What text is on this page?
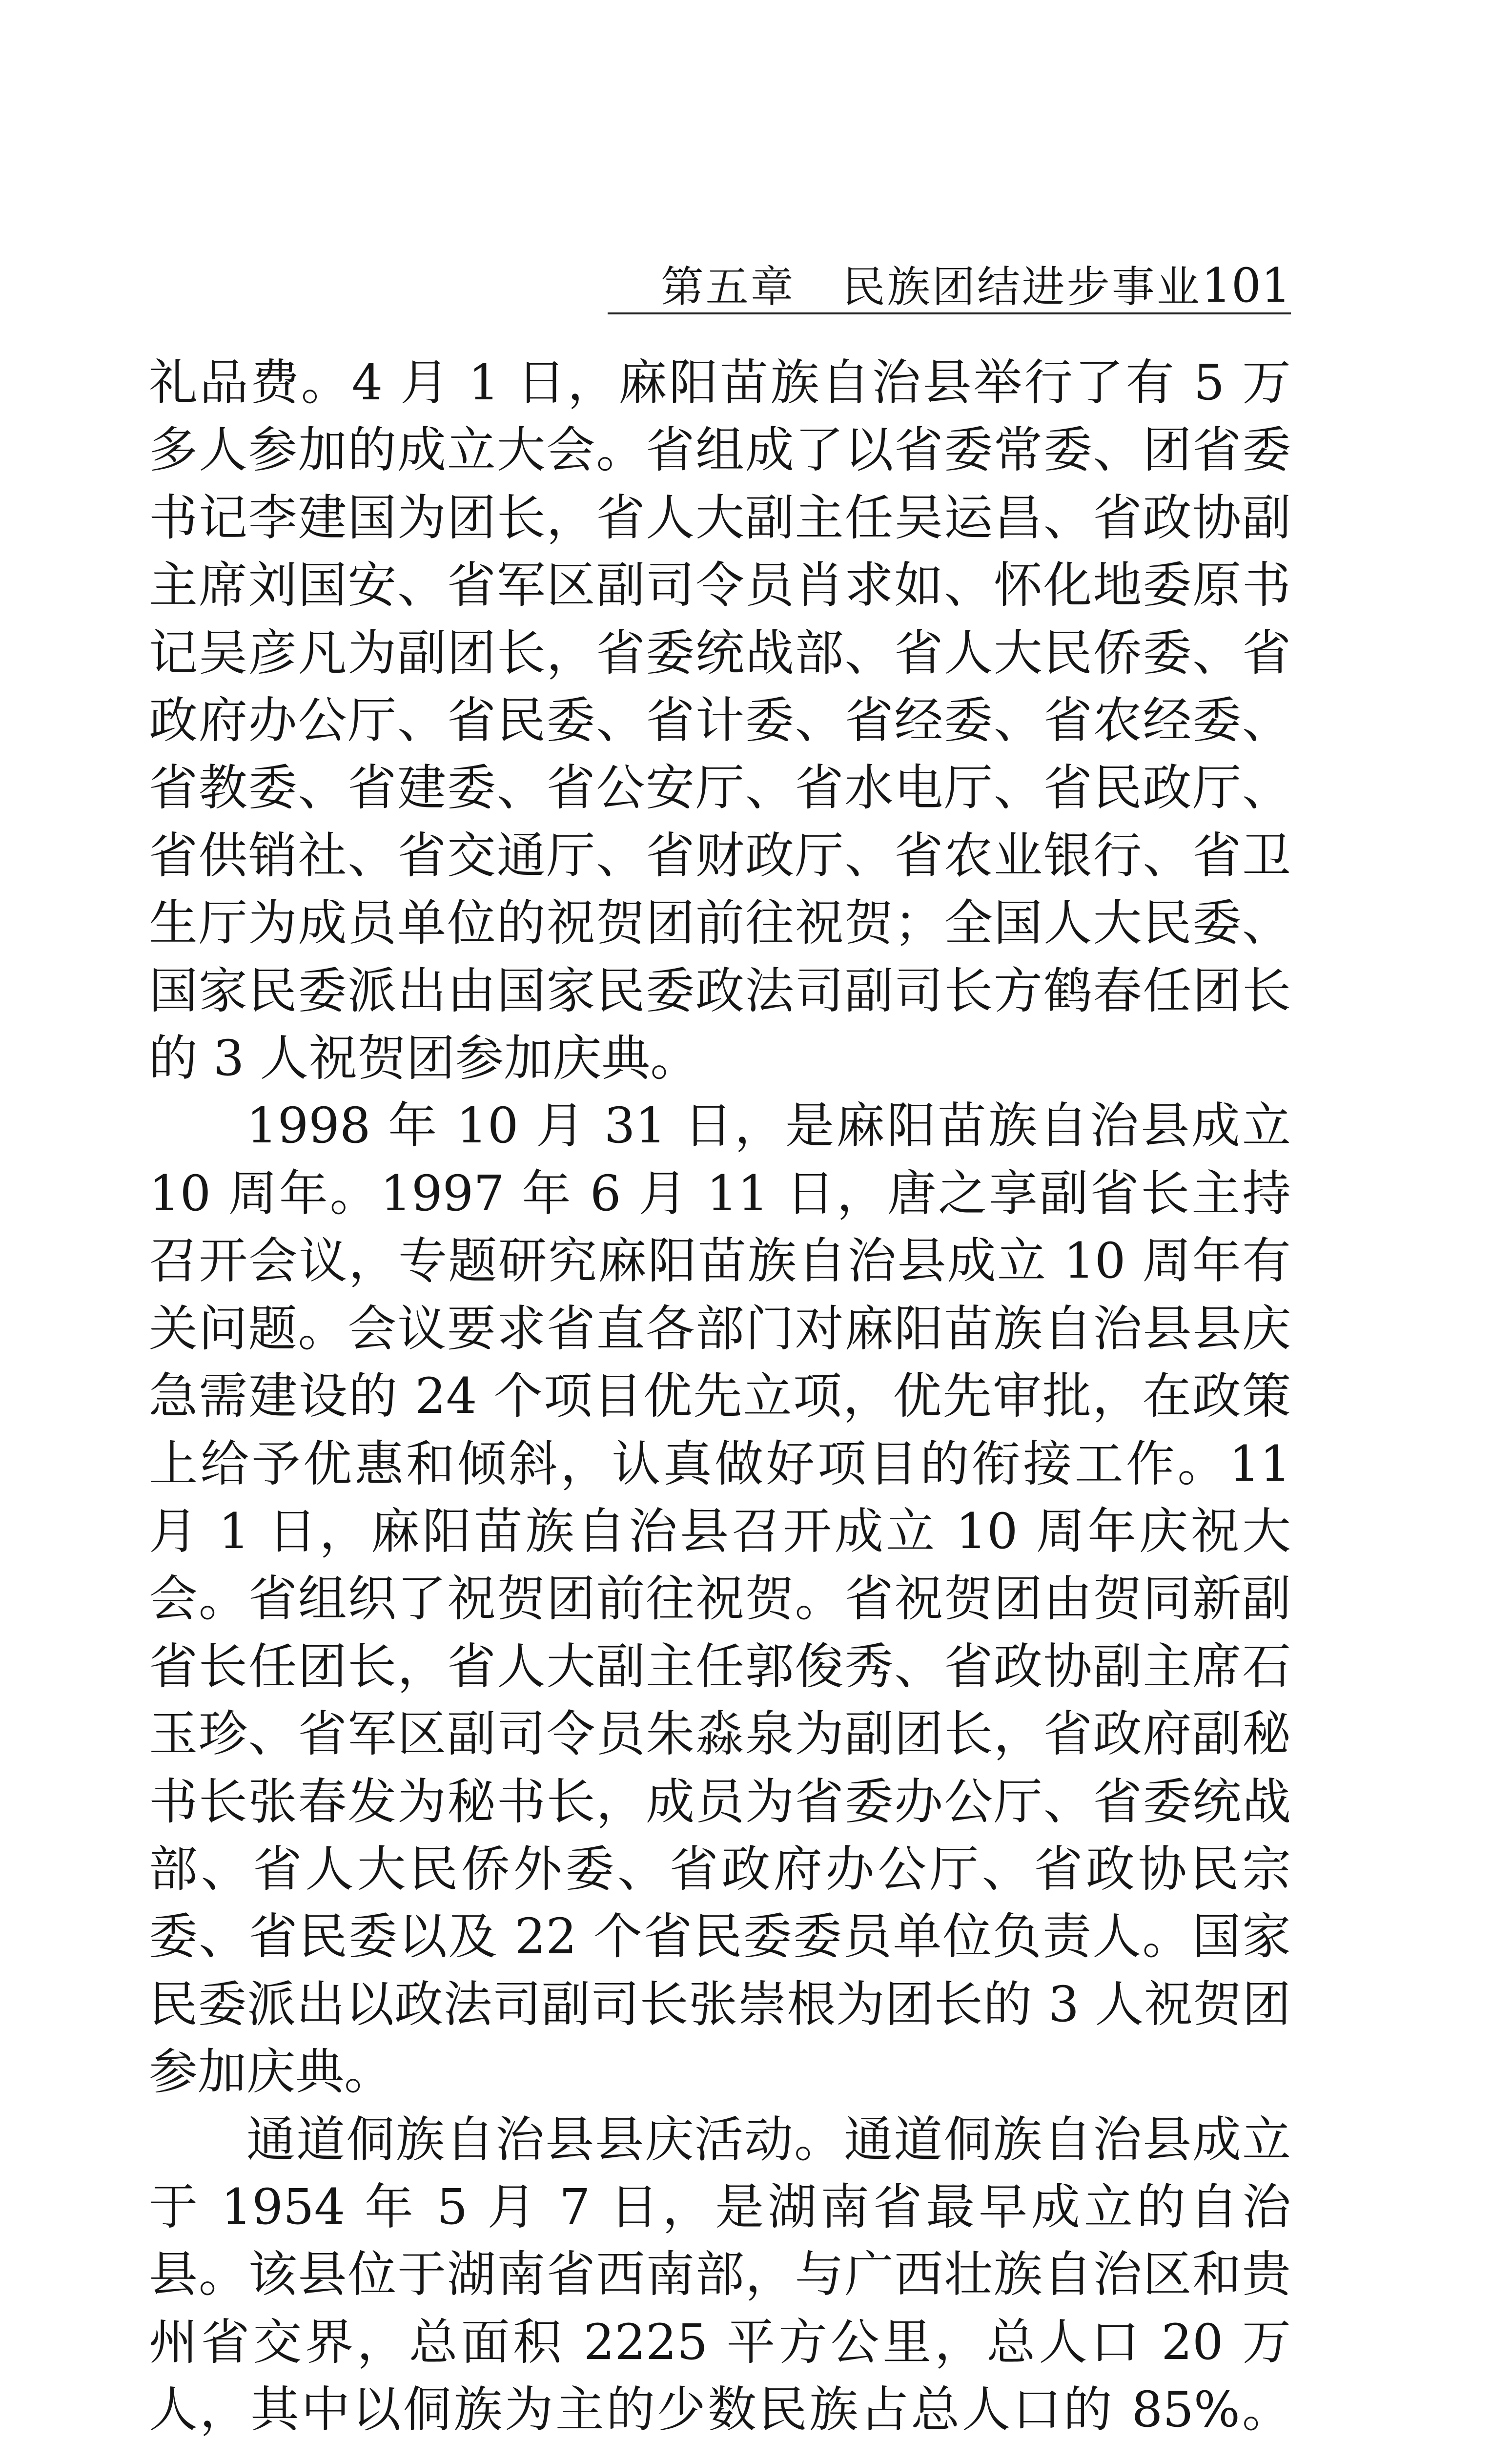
第五章 民族团结进步事业101

礼品费。4 月 1 日，麻阳苗族自治县举行了有 5 万多人参加的成立大会。省组成了以省委常委、团省委书记李建国为团长，省人大副主任吴运昌、省政协副主席刘国安、省军区副司令员肖求如、怀化地委原书记吴彦凡为副团长，省委统战部、省人大民侨委、省政府办公厅、省民委、省计委、省经委、省农经委、省教委、省建委、省公安厅、省水电厅、省民政厅、省供销社、省交通厅、省财政厅、省农业银行、省卫生厅为成员单位的祝贺团前往祝贺；全国人大民委、国家民委派出由国家民委政法司副司长方鹤春任团长的 3 人祝贺团参加庆典。

1998 年 10 月 31 日，是麻阳苗族自治县成立 10 周年。1997 年 6 月 11 日，唐之享副省长主持召开会议，专题研究麻阳苗族自治县成立 10 周年有关问题。会议要求省直各部门对麻阳苗族自治县县庆急需建设的 24 个项目优先立项，优先审批，在政策上给予优惠和倾斜，认真做好项目的衔接工作。11 月 1 日，麻阳苗族自治县召开成立 10 周年庆祝大会。省组织了祝贺团前往祝贺。省祝贺团由贺同新副省长任团长，省人大副主任郭俊秀、省政协副主席石玉珍、省军区副司令员朱淼泉为副团长，省政府副秘书长张春发为秘书长，成员为省委办公厅、省委统战部、省人大民侨外委、省政府办公厅、省政协民宗委、省民委以及 22 个省民委委员单位负责人。国家民委派出以政法司副司长张崇根为团长的 3 人祝贺团参加庆典。

通道侗族自治县县庆活动。通道侗族自治县成立于 1954 年 5 月 7 日，是湖南省最早成立的自治县。该县位于湖南省西南部，与广西壮族自治区和贵州省交界，总面积 2225 平方公里，总人口 20 万人，其中以侗族为主的少数民族占总人口的 85%。
